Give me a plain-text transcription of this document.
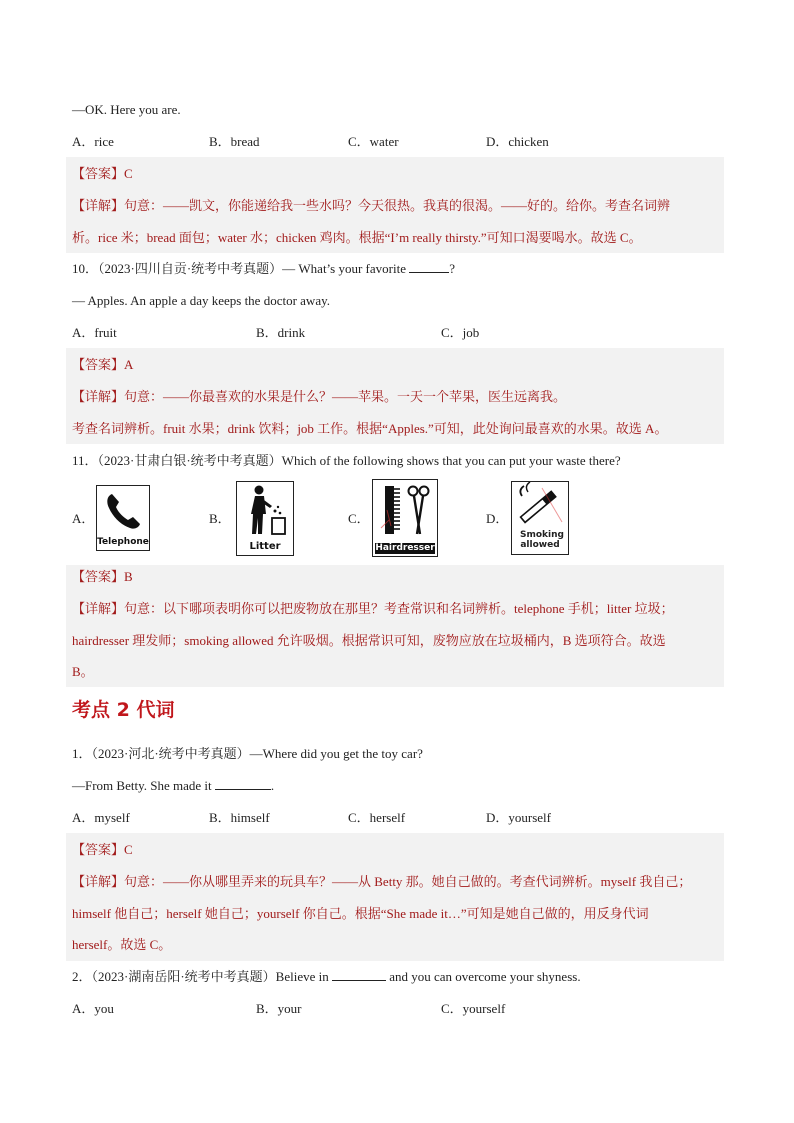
—OK. Here you are.
A．rice	B．bread	C．water	D．chicken
【答案】C
【详解】句意：——凯文，你能递给我一些水吗？今天很热。我真的很渴。——好的。给你。考查名词辨
析。rice 米；bread 面包；water 水；chicken 鸡肉。根据“I’m really thirsty.”可知口渴要喝水。故选 C。
10．（2023·四川自贡·统考中考真题）— What’s your favorite	?
— Apples. An apple a day keeps the doctor away.
A．fruit	B．drink	C．job
【答案】A
【详解】句意：——你最喜欢的水果是什么？——苹果。一天一个苹果，医生远离我。
考查名词辨析。fruit 水果；drink 饮料；job 工作。根据“Apples.”可知，此处询问最喜欢的水果。故选 A。
11．（2023·甘肃白银·统考中考真题）Which of the following shows that you can put your waste there?
A．
Telephone
B．
Litter
C．
Hairdresser
D．
Smoking allowed
【答案】B
【详解】句意：以下哪项表明你可以把废物放在那里？考查常识和名词辨析。telephone 手机；litter 垃圾；
hairdresser 理发师；smoking allowed 允许吸烟。根据常识可知，废物应放在垃圾桶内，B 选项符合。故选
B。
考点 2 代词
1．（2023·河北·统考中考真题）—Where did you get the toy car?
—From Betty. She made it	.
A．myself	B．himself	C．herself	D．yourself
【答案】C
【详解】句意：——你从哪里弄来的玩具车？——从 Betty 那。她自己做的。考查代词辨析。myself 我自己；
himself 他自己；herself 她自己；yourself 你自己。根据“She made it…”可知是她自己做的，用反身代词
herself。故选 C。
2．（2023·湖南岳阳·统考中考真题）Believe in	and you can overcome your shyness.
A．you	B．your	C．yourself
